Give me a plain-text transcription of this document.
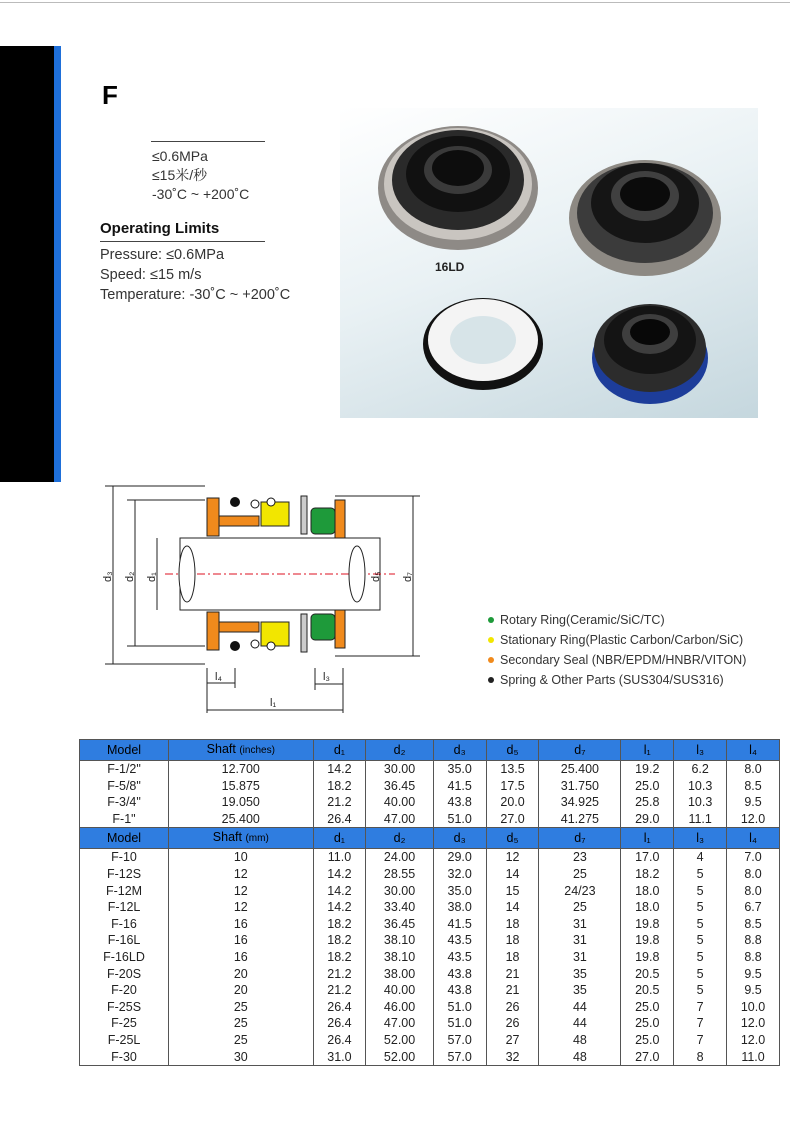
F
≤0.6MPa
≤15米/秒
-30˚C ~ +200˚C
Operating Limits
Pressure: ≤0.6MPa
Speed: ≤15 m/s
Temperature: -30˚C ~ +200˚C
16LD
d₃ d₂ d₁	d₅ d₇
l₄	l₃
l₁
Rotary Ring(Ceramic/SiC/TC)
Stationary Ring(Plastic Carbon/Carbon/SiC)
Secondary Seal (NBR/EPDM/HNBR/VITON)
Spring & Other Parts (SUS304/SUS316)
Model	Shaft (inches)	d₁	d₂	d₃	d₅	d₇	l₁	l₃	l₄
F-1/2"	12.700	14.2	30.00	35.0	13.5	25.400	19.2	6.2	8.0
F-5/8"	15.875	18.2	36.45	41.5	17.5	31.750	25.0	10.3	8.5
F-3/4"	19.050	21.2	40.00	43.8	20.0	34.925	25.8	10.3	9.5
F-1"	25.400	26.4	47.00	51.0	27.0	41.275	29.0	11.1	12.0
Model	Shaft (mm)	d₁	d₂	d₃	d₅	d₇	l₁	l₃	l₄
F-10	10	11.0	24.00	29.0	12	23	17.0	4	7.0
F-12S	12	14.2	28.55	32.0	14	25	18.2	5	8.0
F-12M	12	14.2	30.00	35.0	15	24/23	18.0	5	8.0
F-12L	12	14.2	33.40	38.0	14	25	18.0	5	6.7
F-16	16	18.2	36.45	41.5	18	31	19.8	5	8.5
F-16L	16	18.2	38.10	43.5	18	31	19.8	5	8.8
F-16LD	16	18.2	38.10	43.5	18	31	19.8	5	8.8
F-20S	20	21.2	38.00	43.8	21	35	20.5	5	9.5
F-20	20	21.2	40.00	43.8	21	35	20.5	5	9.5
F-25S	25	26.4	46.00	51.0	26	44	25.0	7	10.0
F-25	25	26.4	47.00	51.0	26	44	25.0	7	12.0
F-25L	25	26.4	52.00	57.0	27	48	25.0	7	12.0
F-30	30	31.0	52.00	57.0	32	48	27.0	8	11.0
